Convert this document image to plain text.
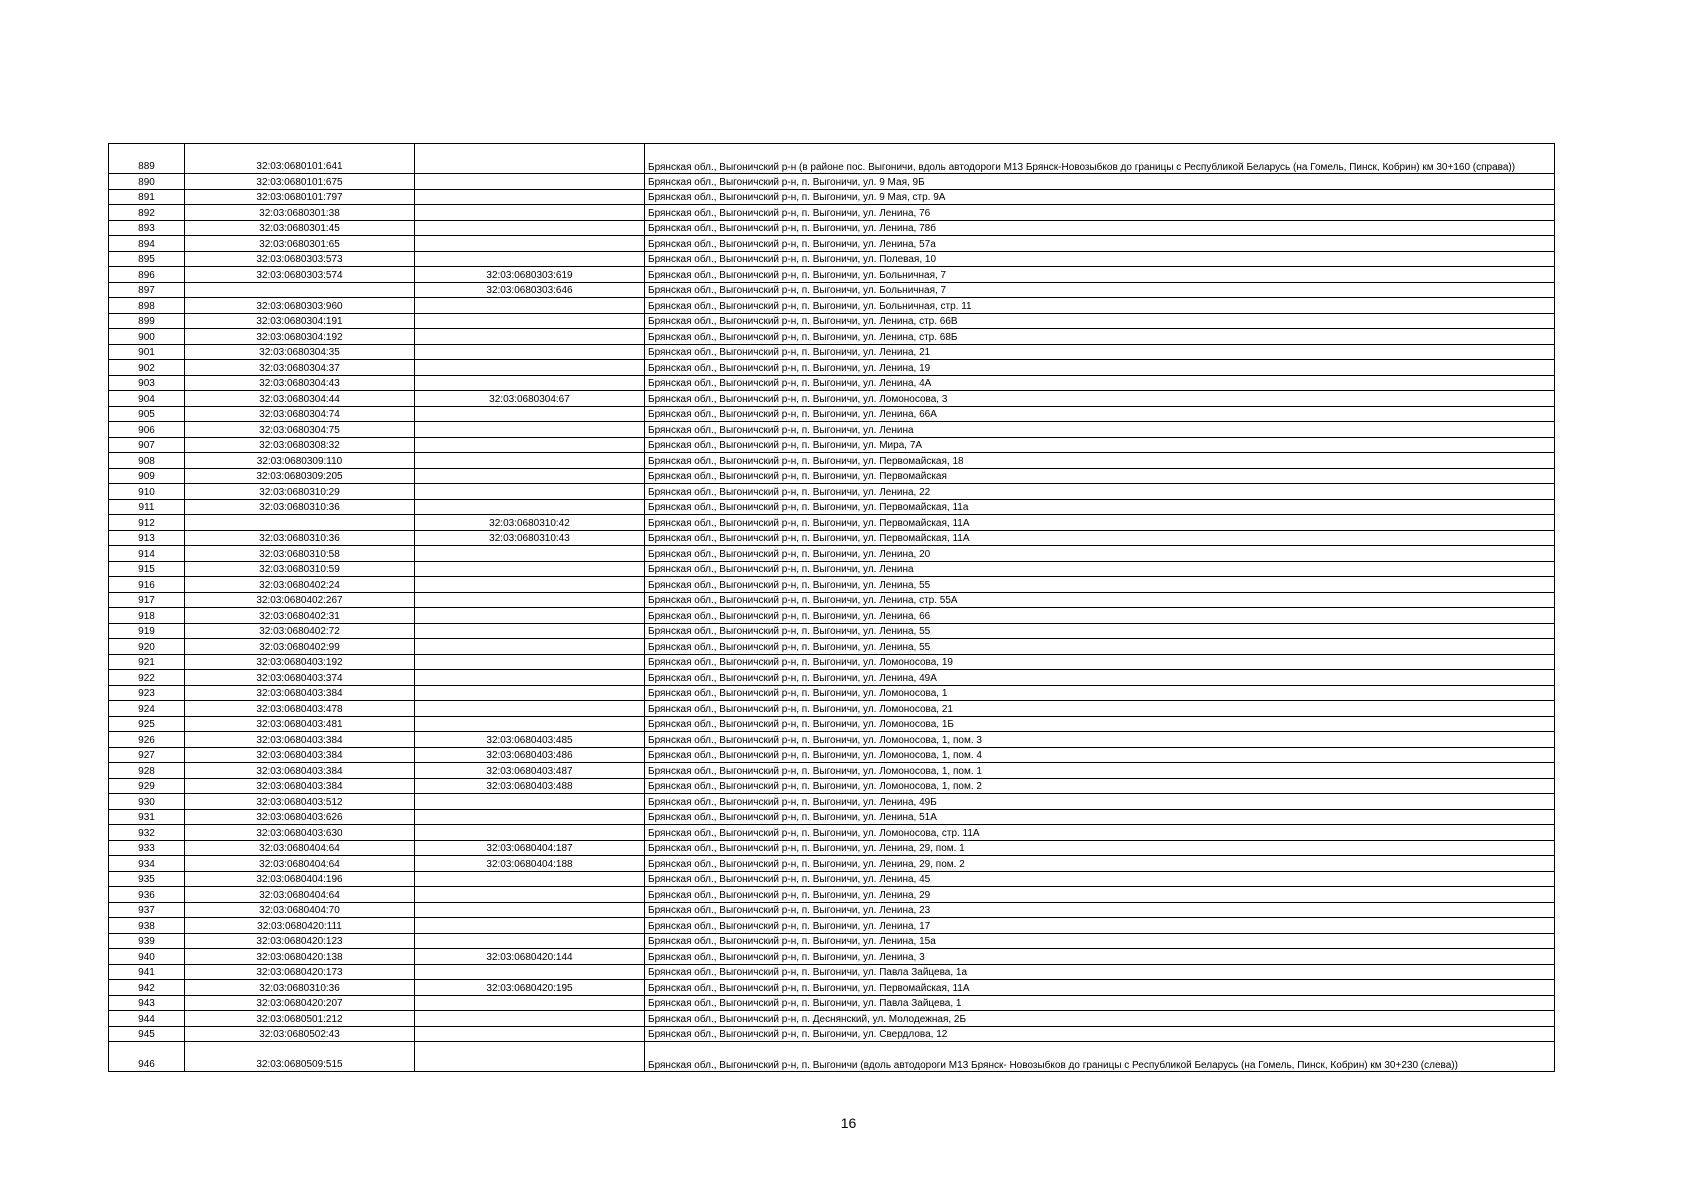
889	32:03:0680101:641		Брянская обл., Выгоничский р-н (в районе пос. Выгоничи, вдоль автодороги М13 Брянск-Новозыбков до границы с Республикой Беларусь (на Гомель, Пинск, Кобрин) км 30+160 (справа))
890	32:03:0680101:675		Брянская обл., Выгоничский р-н, п. Выгоничи, ул. 9 Мая, 9Б
891	32:03:0680101:797		Брянская обл., Выгоничский р-н, п. Выгоничи, ул. 9 Мая, стр. 9А
892	32:03:0680301:38		Брянская обл., Выгоничский р-н, п. Выгоничи, ул. Ленина, 76
893	32:03:0680301:45		Брянская обл., Выгоничский р-н, п. Выгоничи, ул. Ленина, 78б
894	32:03:0680301:65		Брянская обл., Выгоничский р-н, п. Выгоничи, ул. Ленина, 57а
895	32:03:0680303:573		Брянская обл., Выгоничский р-н, п. Выгоничи, ул. Полевая, 10
896	32:03:0680303:574	32:03:0680303:619	Брянская обл., Выгоничский р-н, п. Выгоничи, ул. Больничная, 7
897		32:03:0680303:646	Брянская обл., Выгоничский р-н, п. Выгоничи, ул. Больничная, 7
898	32:03:0680303:960		Брянская обл., Выгоничский р-н, п. Выгоничи, ул. Больничная, стр. 11
899	32:03:0680304:191		Брянская обл., Выгоничский р-н, п. Выгоничи, ул. Ленина, стр. 66В
900	32:03:0680304:192		Брянская обл., Выгоничский р-н, п. Выгоничи, ул. Ленина, стр. 68Б
901	32:03:0680304:35		Брянская обл., Выгоничский р-н, п. Выгоничи, ул. Ленина, 21
902	32:03:0680304:37		Брянская обл., Выгоничский р-н, п. Выгоничи, ул. Ленина, 19
903	32:03:0680304:43		Брянская обл., Выгоничский р-н, п. Выгоничи, ул. Ленина, 4А
904	32:03:0680304:44	32:03:0680304:67	Брянская обл., Выгоничский р-н, п. Выгоничи, ул. Ломоносова, 3
905	32:03:0680304:74		Брянская обл., Выгоничский р-н, п. Выгоничи, ул. Ленина, 66А
906	32:03:0680304:75		Брянская обл., Выгоничский р-н, п. Выгоничи, ул. Ленина
907	32:03:0680308:32		Брянская обл., Выгоничский р-н, п. Выгоничи, ул. Мира, 7А
908	32:03:0680309:110		Брянская обл., Выгоничский р-н, п. Выгоничи, ул. Первомайская, 18
909	32:03:0680309:205		Брянская обл., Выгоничский р-н, п. Выгоничи, ул. Первомайская
910	32:03:0680310:29		Брянская обл., Выгоничский р-н, п. Выгоничи, ул. Ленина, 22
911	32:03:0680310:36		Брянская обл., Выгоничский р-н, п. Выгоничи, ул. Первомайская, 11а
912		32:03:0680310:42	Брянская обл., Выгоничский р-н, п. Выгоничи, ул. Первомайская, 11А
913	32:03:0680310:36	32:03:0680310:43	Брянская обл., Выгоничский р-н, п. Выгоничи, ул. Первомайская, 11А
914	32:03:0680310:58		Брянская обл., Выгоничский р-н, п. Выгоничи, ул. Ленина, 20
915	32:03:0680310:59		Брянская обл., Выгоничский р-н, п. Выгоничи, ул. Ленина
916	32:03:0680402:24		Брянская обл., Выгоничский р-н, п. Выгоничи, ул. Ленина, 55
917	32:03:0680402:267		Брянская обл., Выгоничский р-н, п. Выгоничи, ул. Ленина, стр. 55А
918	32:03:0680402:31		Брянская обл., Выгоничский р-н, п. Выгоничи, ул. Ленина, 66
919	32:03:0680402:72		Брянская обл., Выгоничский р-н, п. Выгоничи, ул. Ленина, 55
920	32:03:0680402:99		Брянская обл., Выгоничский р-н, п. Выгоничи, ул. Ленина, 55
921	32:03:0680403:192		Брянская обл., Выгоничский р-н, п. Выгоничи, ул. Ломоносова, 19
922	32:03:0680403:374		Брянская обл., Выгоничский р-н, п. Выгоничи, ул. Ленина, 49А
923	32:03:0680403:384		Брянская обл., Выгоничский р-н, п. Выгоничи, ул. Ломоносова, 1
924	32:03:0680403:478		Брянская обл., Выгоничский р-н, п. Выгоничи, ул. Ломоносова, 21
925	32:03:0680403:481		Брянская обл., Выгоничский р-н, п. Выгоничи, ул. Ломоносова, 1Б
926	32:03:0680403:384	32:03:0680403:485	Брянская обл., Выгоничский р-н, п. Выгоничи, ул. Ломоносова, 1, пом. 3
927	32:03:0680403:384	32:03:0680403:486	Брянская обл., Выгоничский р-н, п. Выгоничи, ул. Ломоносова, 1, пом. 4
928	32:03:0680403:384	32:03:0680403:487	Брянская обл., Выгоничский р-н, п. Выгоничи, ул. Ломоносова, 1, пом. 1
929	32:03:0680403:384	32:03:0680403:488	Брянская обл., Выгоничский р-н, п. Выгоничи, ул. Ломоносова, 1, пом. 2
930	32:03:0680403:512		Брянская обл., Выгоничский р-н, п. Выгоничи, ул. Ленина, 49Б
931	32:03:0680403:626		Брянская обл., Выгоничский р-н, п. Выгоничи, ул. Ленина, 51А
932	32:03:0680403:630		Брянская обл., Выгоничский р-н, п. Выгоничи, ул. Ломоносова, стр. 11А
933	32:03:0680404:64	32:03:0680404:187	Брянская обл., Выгоничский р-н, п. Выгоничи, ул. Ленина, 29, пом. 1
934	32:03:0680404:64	32:03:0680404:188	Брянская обл., Выгоничский р-н, п. Выгоничи, ул. Ленина, 29, пом. 2
935	32:03:0680404:196		Брянская обл., Выгоничский р-н, п. Выгоничи, ул. Ленина, 45
936	32:03:0680404:64		Брянская обл., Выгоничский р-н, п. Выгоничи, ул. Ленина, 29
937	32:03:0680404:70		Брянская обл., Выгоничский р-н, п. Выгоничи, ул. Ленина, 23
938	32:03:0680420:111		Брянская обл., Выгоничский р-н, п. Выгоничи, ул. Ленина, 17
939	32:03:0680420:123		Брянская обл., Выгоничский р-н, п. Выгоничи, ул. Ленина, 15а
940	32:03:0680420:138	32:03:0680420:144	Брянская обл., Выгоничский р-н, п. Выгоничи, ул. Ленина, 3
941	32:03:0680420:173		Брянская обл., Выгоничский р-н, п. Выгоничи, ул. Павла Зайцева, 1а
942	32:03:0680310:36	32:03:0680420:195	Брянская обл., Выгоничский р-н, п. Выгоничи, ул. Первомайская, 11А
943	32:03:0680420:207		Брянская обл., Выгоничский р-н, п. Выгоничи, ул. Павла Зайцева, 1
944	32:03:0680501:212		Брянская обл., Выгоничский р-н, п. Деснянский, ул. Молодежная, 2Б
945	32:03:0680502:43		Брянская обл., Выгоничский р-н, п. Выгоничи, ул. Свердлова, 12
946	32:03:0680509:515		Брянская обл., Выгоничский р-н, п. Выгоничи (вдоль автодороги М13 Брянск- Новозыбков до границы с Республикой Беларусь (на Гомель, Пинск, Кобрин) км 30+230 (слева))
16
